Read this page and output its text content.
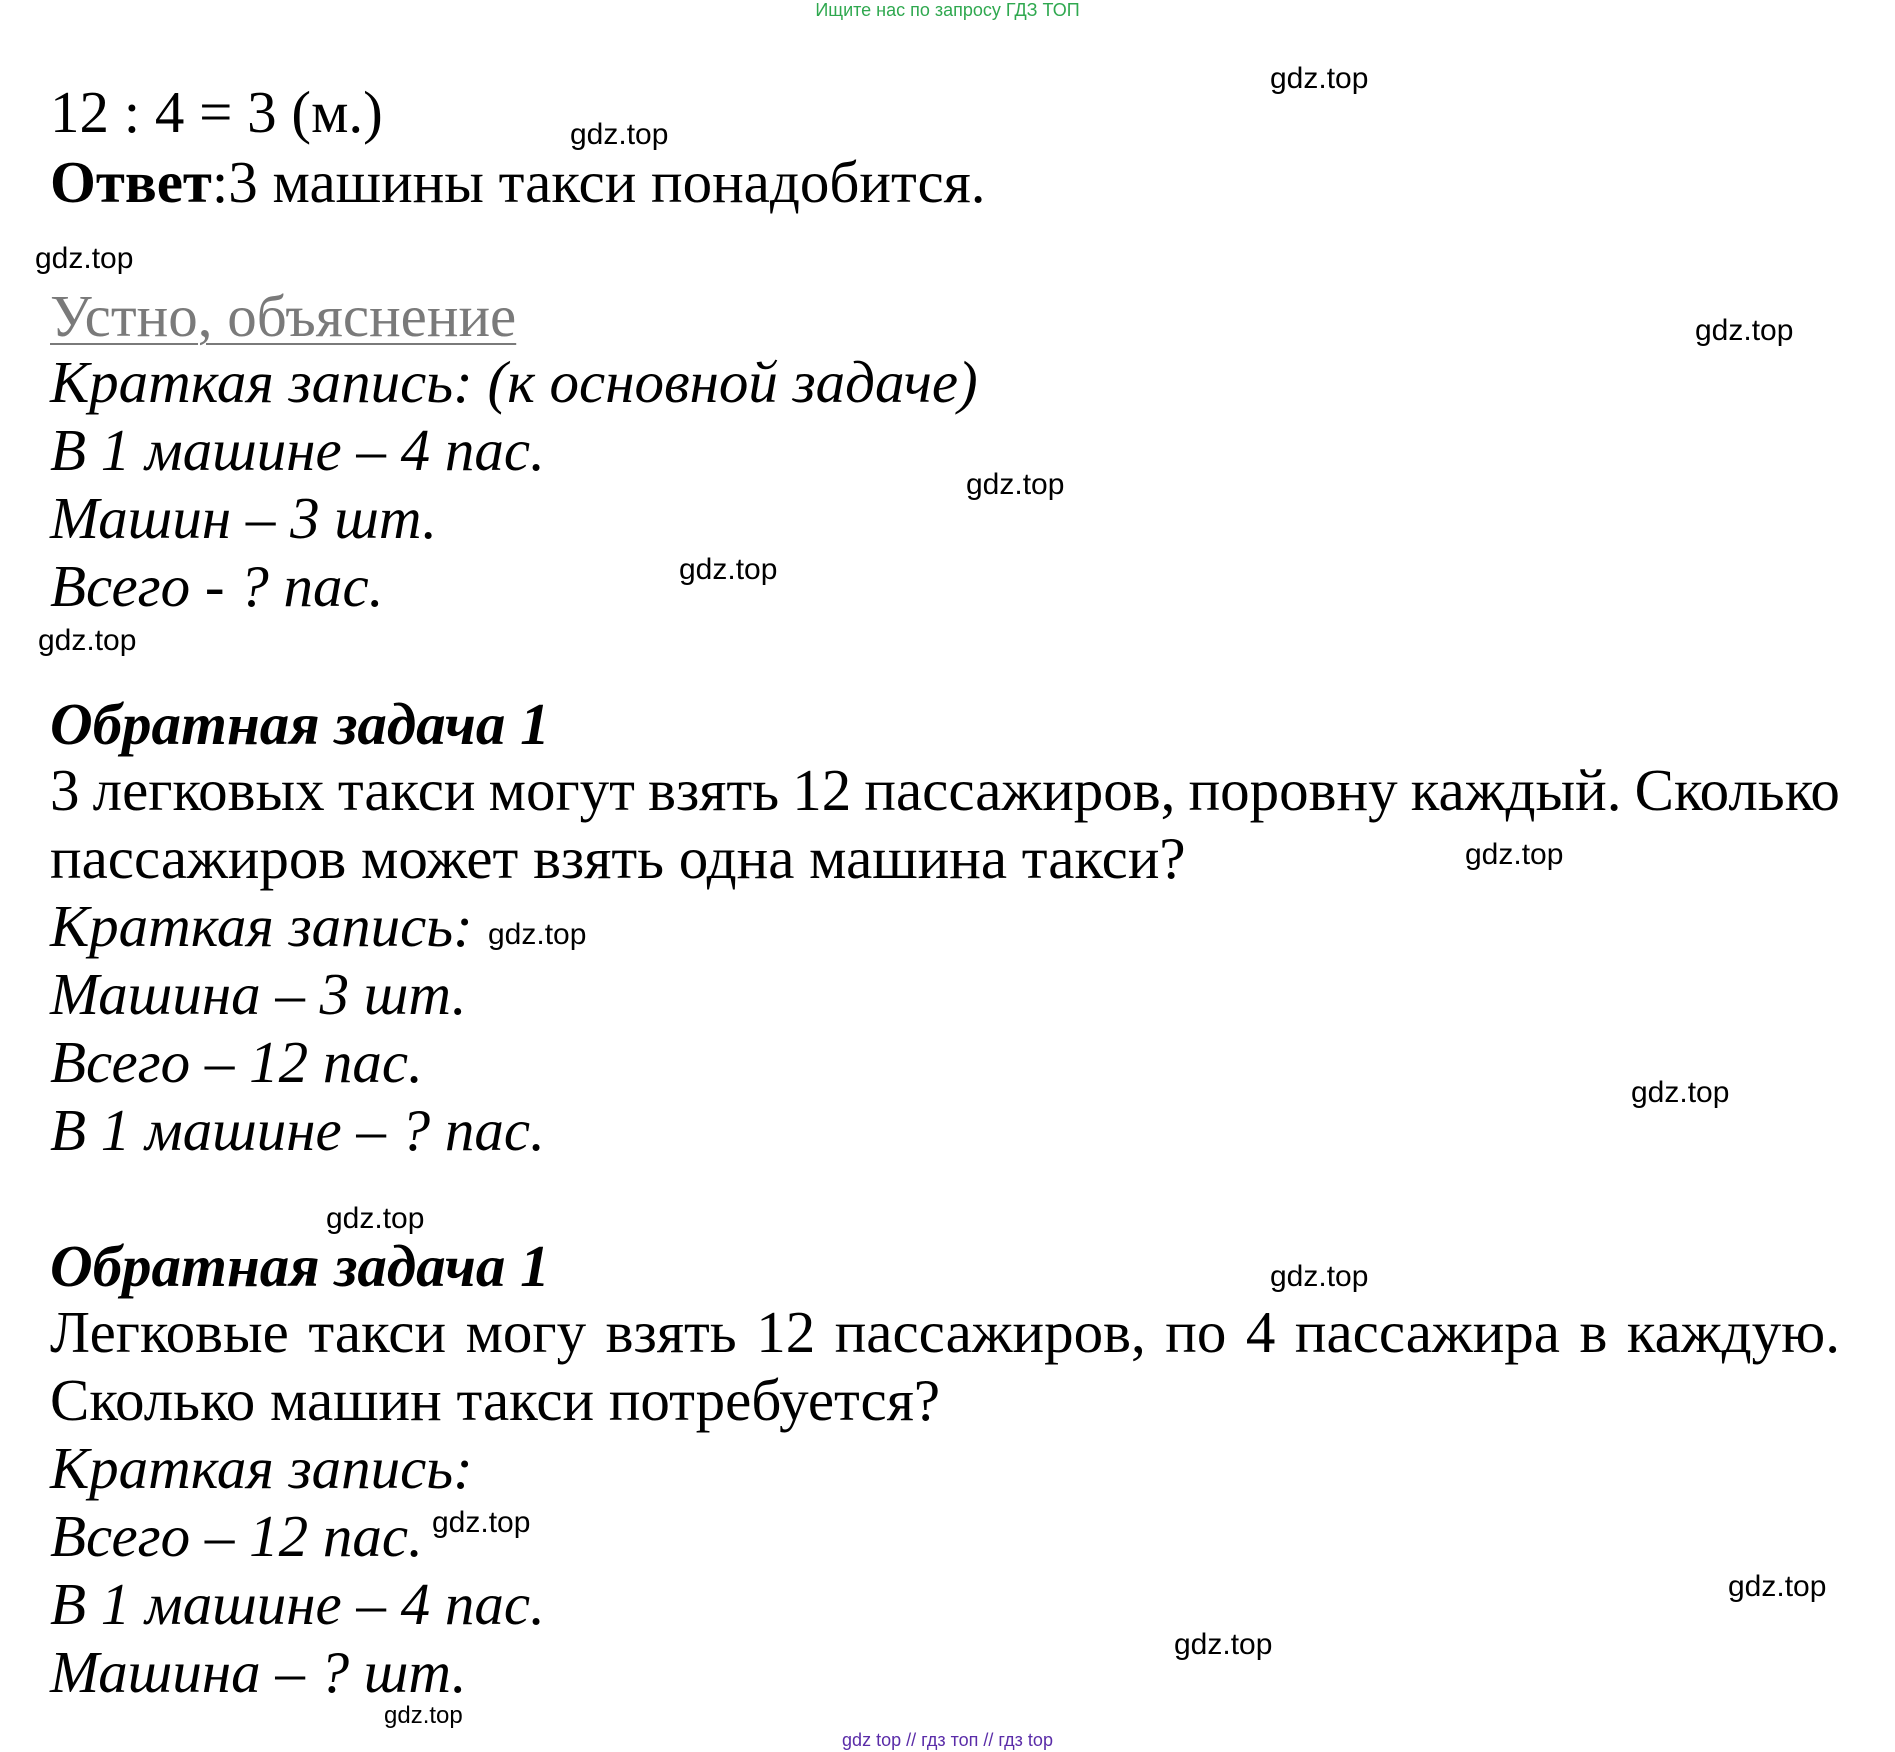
Ищите нас по запросу ГДЗ ТОП
12 : 4 = 3 (м.)
Ответ:3 машины такси понадобится.
Устно, объяснение
Краткая запись: (к основной задаче)
В 1 машине – 4 пас.
Машин – 3 шт.
Всего - ? пас.
Обратная задача 1
3 легковых такси могут взять 12 пассажиров, поровну каждый. Сколько
пассажиров может взять одна машина такси?
Краткая запись:
Машина – 3 шт.
Всего – 12 пас.
В 1 машине – ? пас.
Обратная задача 1
Легковые такси могу взять 12 пассажиров, по 4 пассажира в каждую.
Сколько машин такси потребуется?
Краткая запись:
Всего – 12 пас.
В 1 машине – 4 пас.
Машина – ? шт.
gdz.top
gdz.top
gdz.top
gdz.top
gdz.top
gdz.top
gdz.top
gdz.top
gdz.top
gdz.top
gdz.top
gdz.top
gdz.top
gdz.top
gdz.top
gdz.top
gdz top // гдз топ // гдз top
